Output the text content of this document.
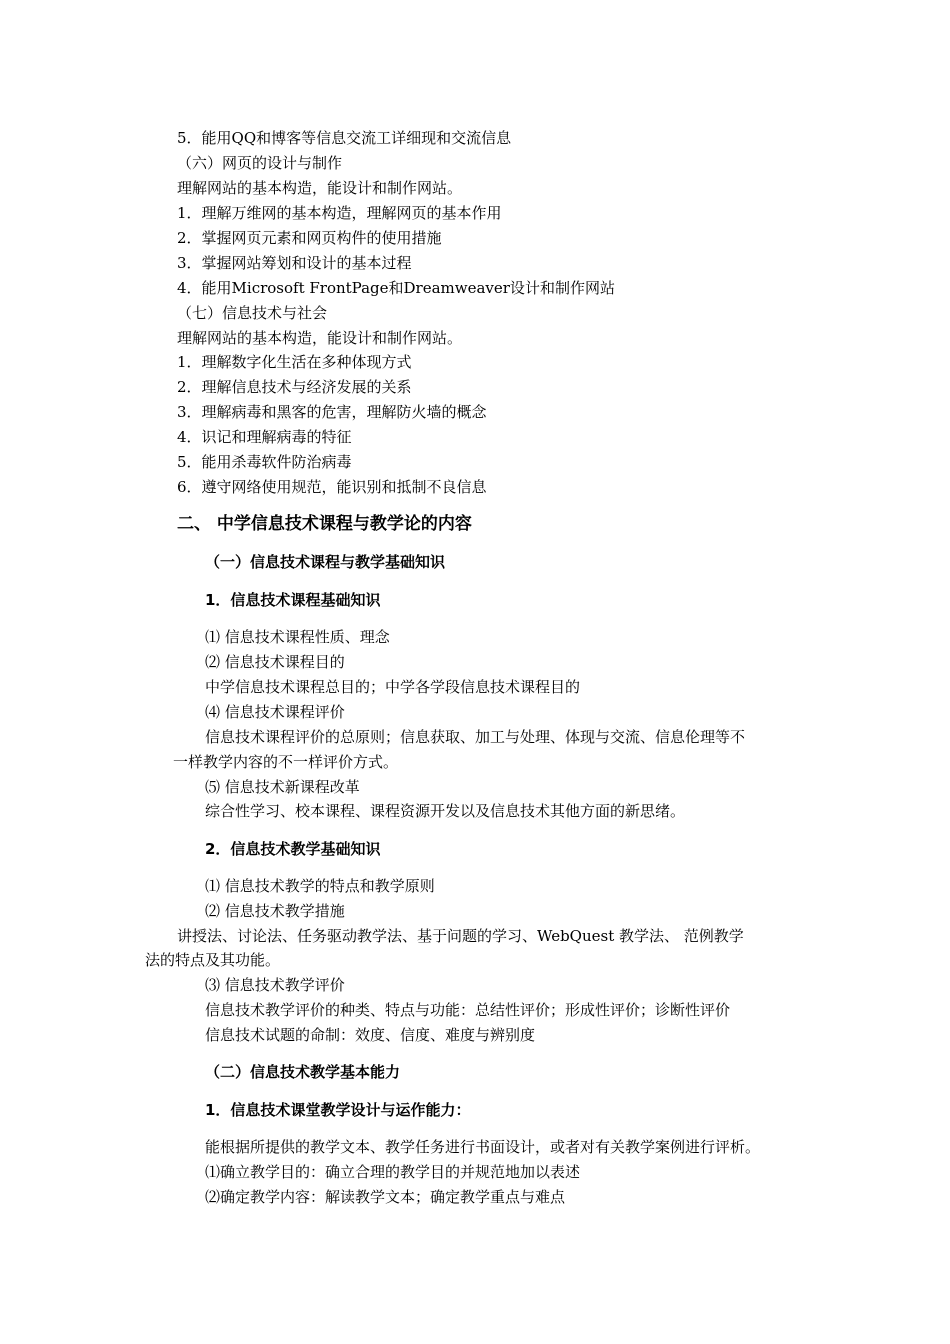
5．能用QQ和博客等信息交流工详细现和交流信息
（六）网页的设计与制作
理解网站的基本构造，能设计和制作网站。
1．理解万维网的基本构造，理解网页的基本作用
2．掌握网页元素和网页构件的使用措施
3．掌握网站筹划和设计的基本过程
4．能用Microsoft FrontPage和Dreamweaver设计和制作网站
（七）信息技术与社会
理解网站的基本构造，能设计和制作网站。
1．理解数字化生活在多种体现方式
2．理解信息技术与经济发展的关系
3．理解病毒和黑客的危害，理解防火墙的概念
4．识记和理解病毒的特征
5．能用杀毒软件防治病毒
6．遵守网络使用规范，能识别和抵制不良信息
二、 中学信息技术课程与教学论的内容
（一）信息技术课程与教学基础知识
1．信息技术课程基础知识
⑴ 信息技术课程性质、理念
⑵ 信息技术课程目的
中学信息技术课程总目的；中学各学段信息技术课程目的
⑷ 信息技术课程评价
信息技术课程评价的总原则；信息获取、加工与处理、体现与交流、信息伦理等不
一样教学内容的不一样评价方式。
⑸ 信息技术新课程改革
综合性学习、校本课程、课程资源开发以及信息技术其他方面的新思绪。
2．信息技术教学基础知识
⑴ 信息技术教学的特点和教学原则
⑵ 信息技术教学措施
讲授法、讨论法、任务驱动教学法、基于问题的学习、WebQuest 教学法、 范例教学
法的特点及其功能。
⑶ 信息技术教学评价
信息技术教学评价的种类、特点与功能：总结性评价；形成性评价；诊断性评价
信息技术试题的命制：效度、信度、难度与辨别度
（二）信息技术教学基本能力
1．信息技术课堂教学设计与运作能力：
能根据所提供的教学文本、教学任务进行书面设计，或者对有关教学案例进行评析。
⑴确立教学目的：确立合理的教学目的并规范地加以表述
⑵确定教学内容：解读教学文本；确定教学重点与难点
